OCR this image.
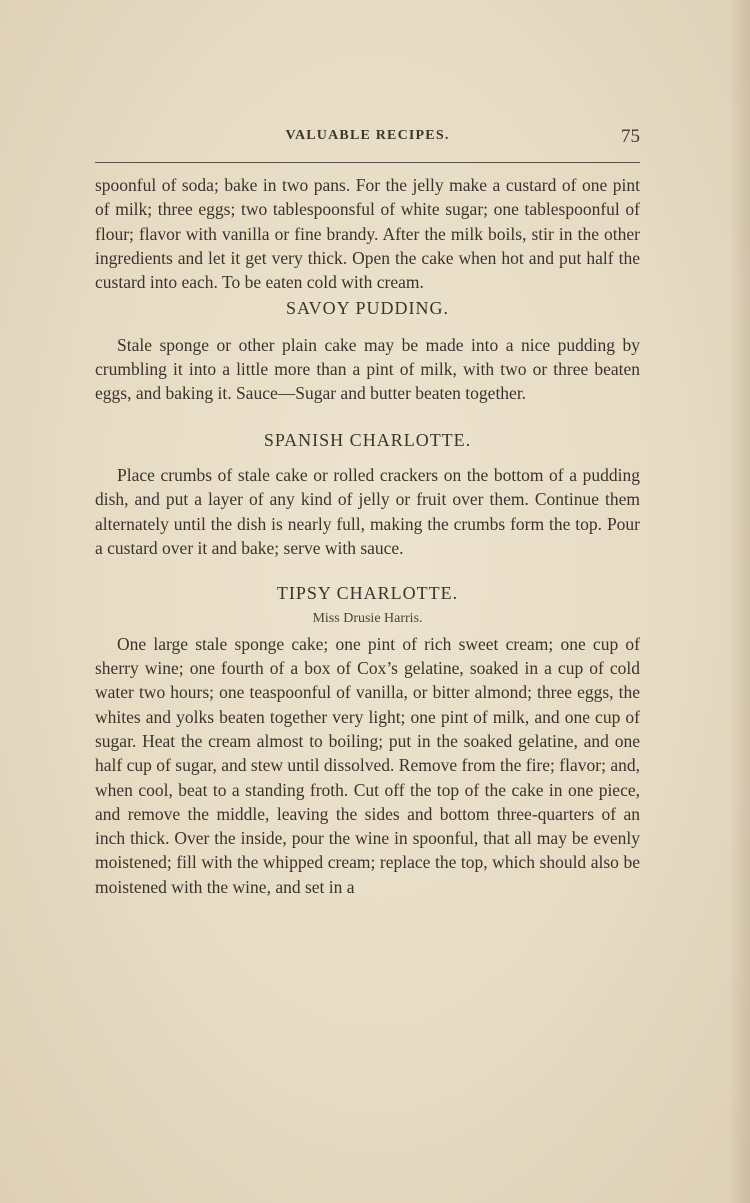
VALUABLE RECIPES.	75

spoonful of soda; bake in two pans. For the jelly make a custard of one pint of milk; three eggs; two tablespoonsful of white sugar; one tablespoonful of flour; flavor with vanilla or fine brandy. After the milk boils, stir in the other ingredients and let it get very thick. Open the cake when hot and put half the custard into each. To be eaten cold with cream.

SAVOY PUDDING.

Stale sponge or other plain cake may be made into a nice pudding by crumbling it into a little more than a pint of milk, with two or three beaten eggs, and baking it. Sauce—Sugar and butter beaten together.

SPANISH CHARLOTTE.

Place crumbs of stale cake or rolled crackers on the bottom of a pudding dish, and put a layer of any kind of jelly or fruit over them. Continue them alternately until the dish is nearly full, making the crumbs form the top. Pour a custard over it and bake; serve with sauce.

TIPSY CHARLOTTE.

Miss Drusie Harris.

One large stale sponge cake; one pint of rich sweet cream; one cup of sherry wine; one fourth of a box of Cox’s gelatine, soaked in a cup of cold water two hours; one teaspoonful of vanilla, or bitter almond; three eggs, the whites and yolks beaten together very light; one pint of milk, and one cup of sugar. Heat the cream almost to boiling; put in the soaked gelatine, and one half cup of sugar, and stew until dissolved. Remove from the fire; flavor; and, when cool, beat to a standing froth. Cut off the top of the cake in one piece, and remove the middle, leaving the sides and bottom three-quarters of an inch thick. Over the inside, pour the wine in spoonful, that all may be evenly moistened; fill with the whipped cream; replace the top, which should also be moistened with the wine, and set in a
